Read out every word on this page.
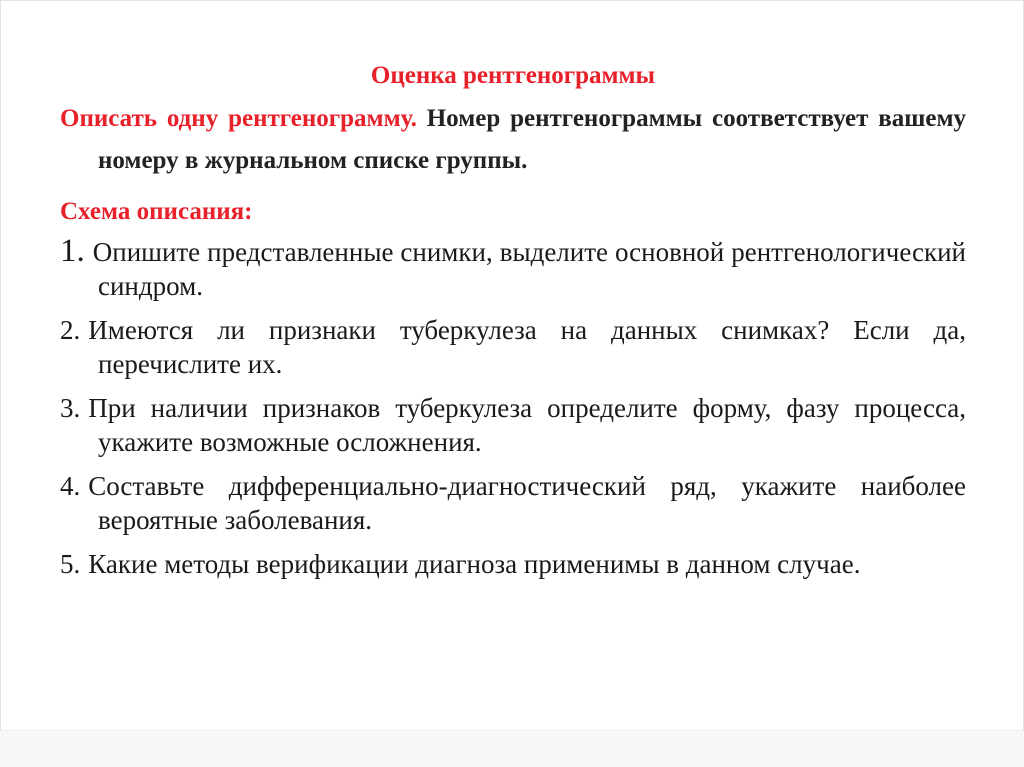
Оценка рентгенограммы

Описать одну рентгенограмму. Номер рентгенограммы соответствует вашему номеру в журнальном списке группы.

Схема описания:
1. Опишите представленные снимки, выделите основной рентгенологический синдром.
2. Имеются ли признаки туберкулеза на данных снимках? Если да, перечислите их.
3. При наличии признаков туберкулеза определите форму, фазу процесса, укажите возможные осложнения.
4. Составьте дифференциально-диагностический ряд, укажите наиболее вероятные заболевания.
5. Какие методы верификации диагноза применимы в данном случае.
